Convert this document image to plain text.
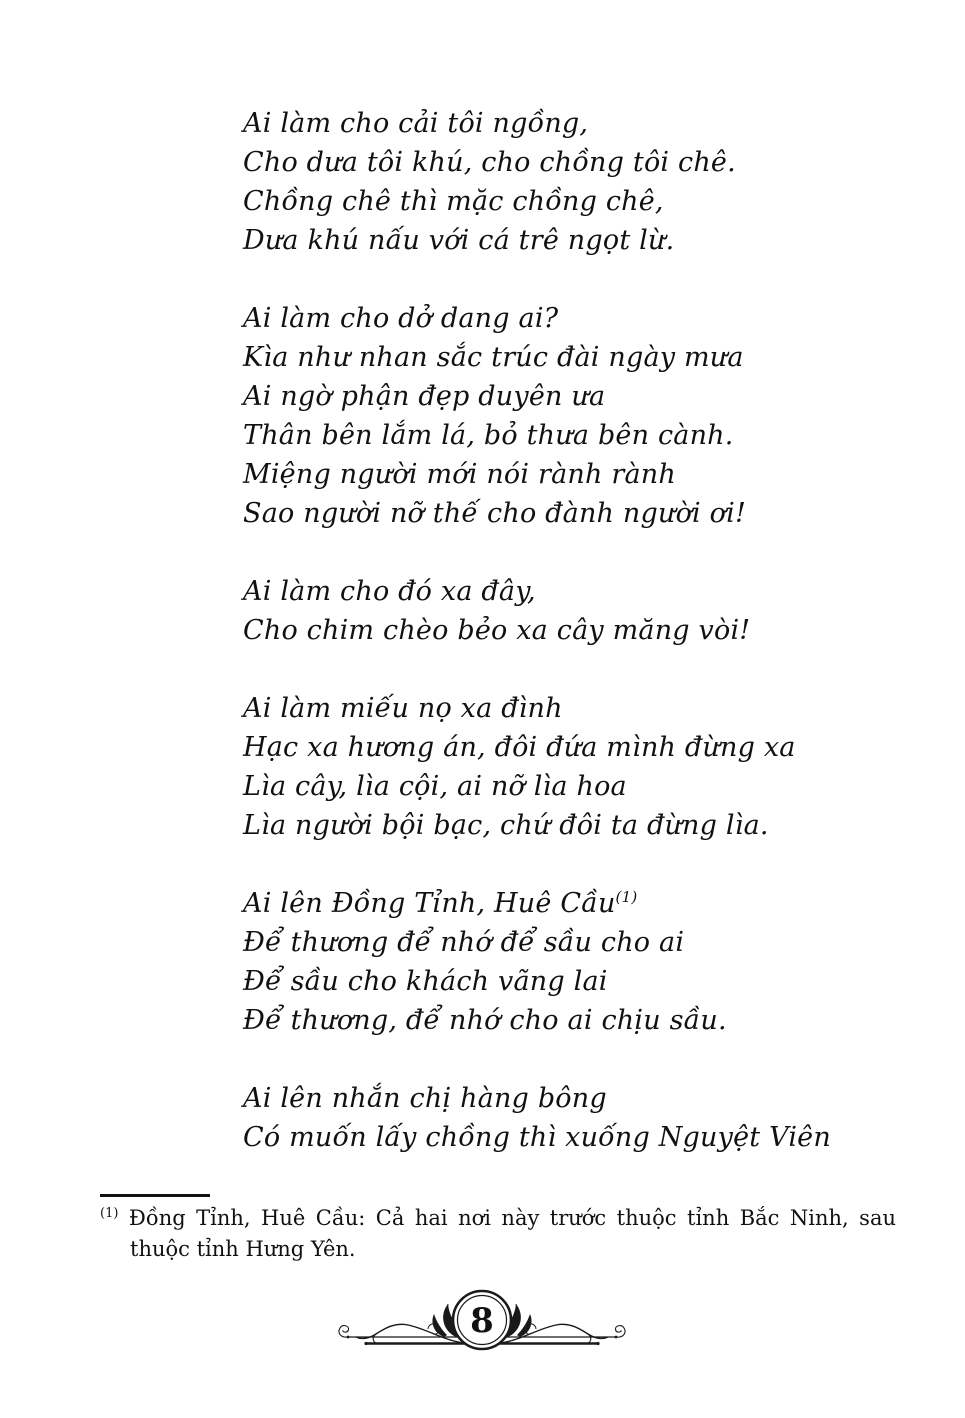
Ai làm cho cải tôi ngồng,

Cho dưa tôi khú, cho chồng tôi chê.

Chồng chê thì mặc chồng chê,

Dưa khú nấu với cá trê ngọt lừ.

Ai làm cho dở dang ai?

Kìa như nhan sắc trúc đài ngày mưa

Ai ngờ phận đẹp duyên ưa

Thân bên lắm lá, bỏ thưa bên cành.

Miệng người mới nói rành rành

Sao người nỡ thế cho đành người ơi!

Ai làm cho đó xa đây,

Cho chim chèo bẻo xa cây măng vòi!

Ai làm miếu nọ xa đình

Hạc xa hương án, đôi đứa mình đừng xa

Lìa cây, lìa cội, ai nỡ lìa hoa

Lìa người bội bạc, chứ đôi ta đừng lìa.

Ai lên Đồng Tỉnh, Huê Cầu$^{(1)}$

Để thương để nhớ để sầu cho ai

Để sầu cho khách vãng lai

Để thương, để nhớ cho ai chịu sầu.

Ai lên nhắn chị hàng bông

Có muốn lấy chồng thì xuống Nguyệt Viên

$^{(1)}$ Đồng Tỉnh, Huê Cầu: Cả hai nơi này trước thuộc tỉnh Bắc Ninh, sau thuộc tỉnh Hưng Yên.
8
